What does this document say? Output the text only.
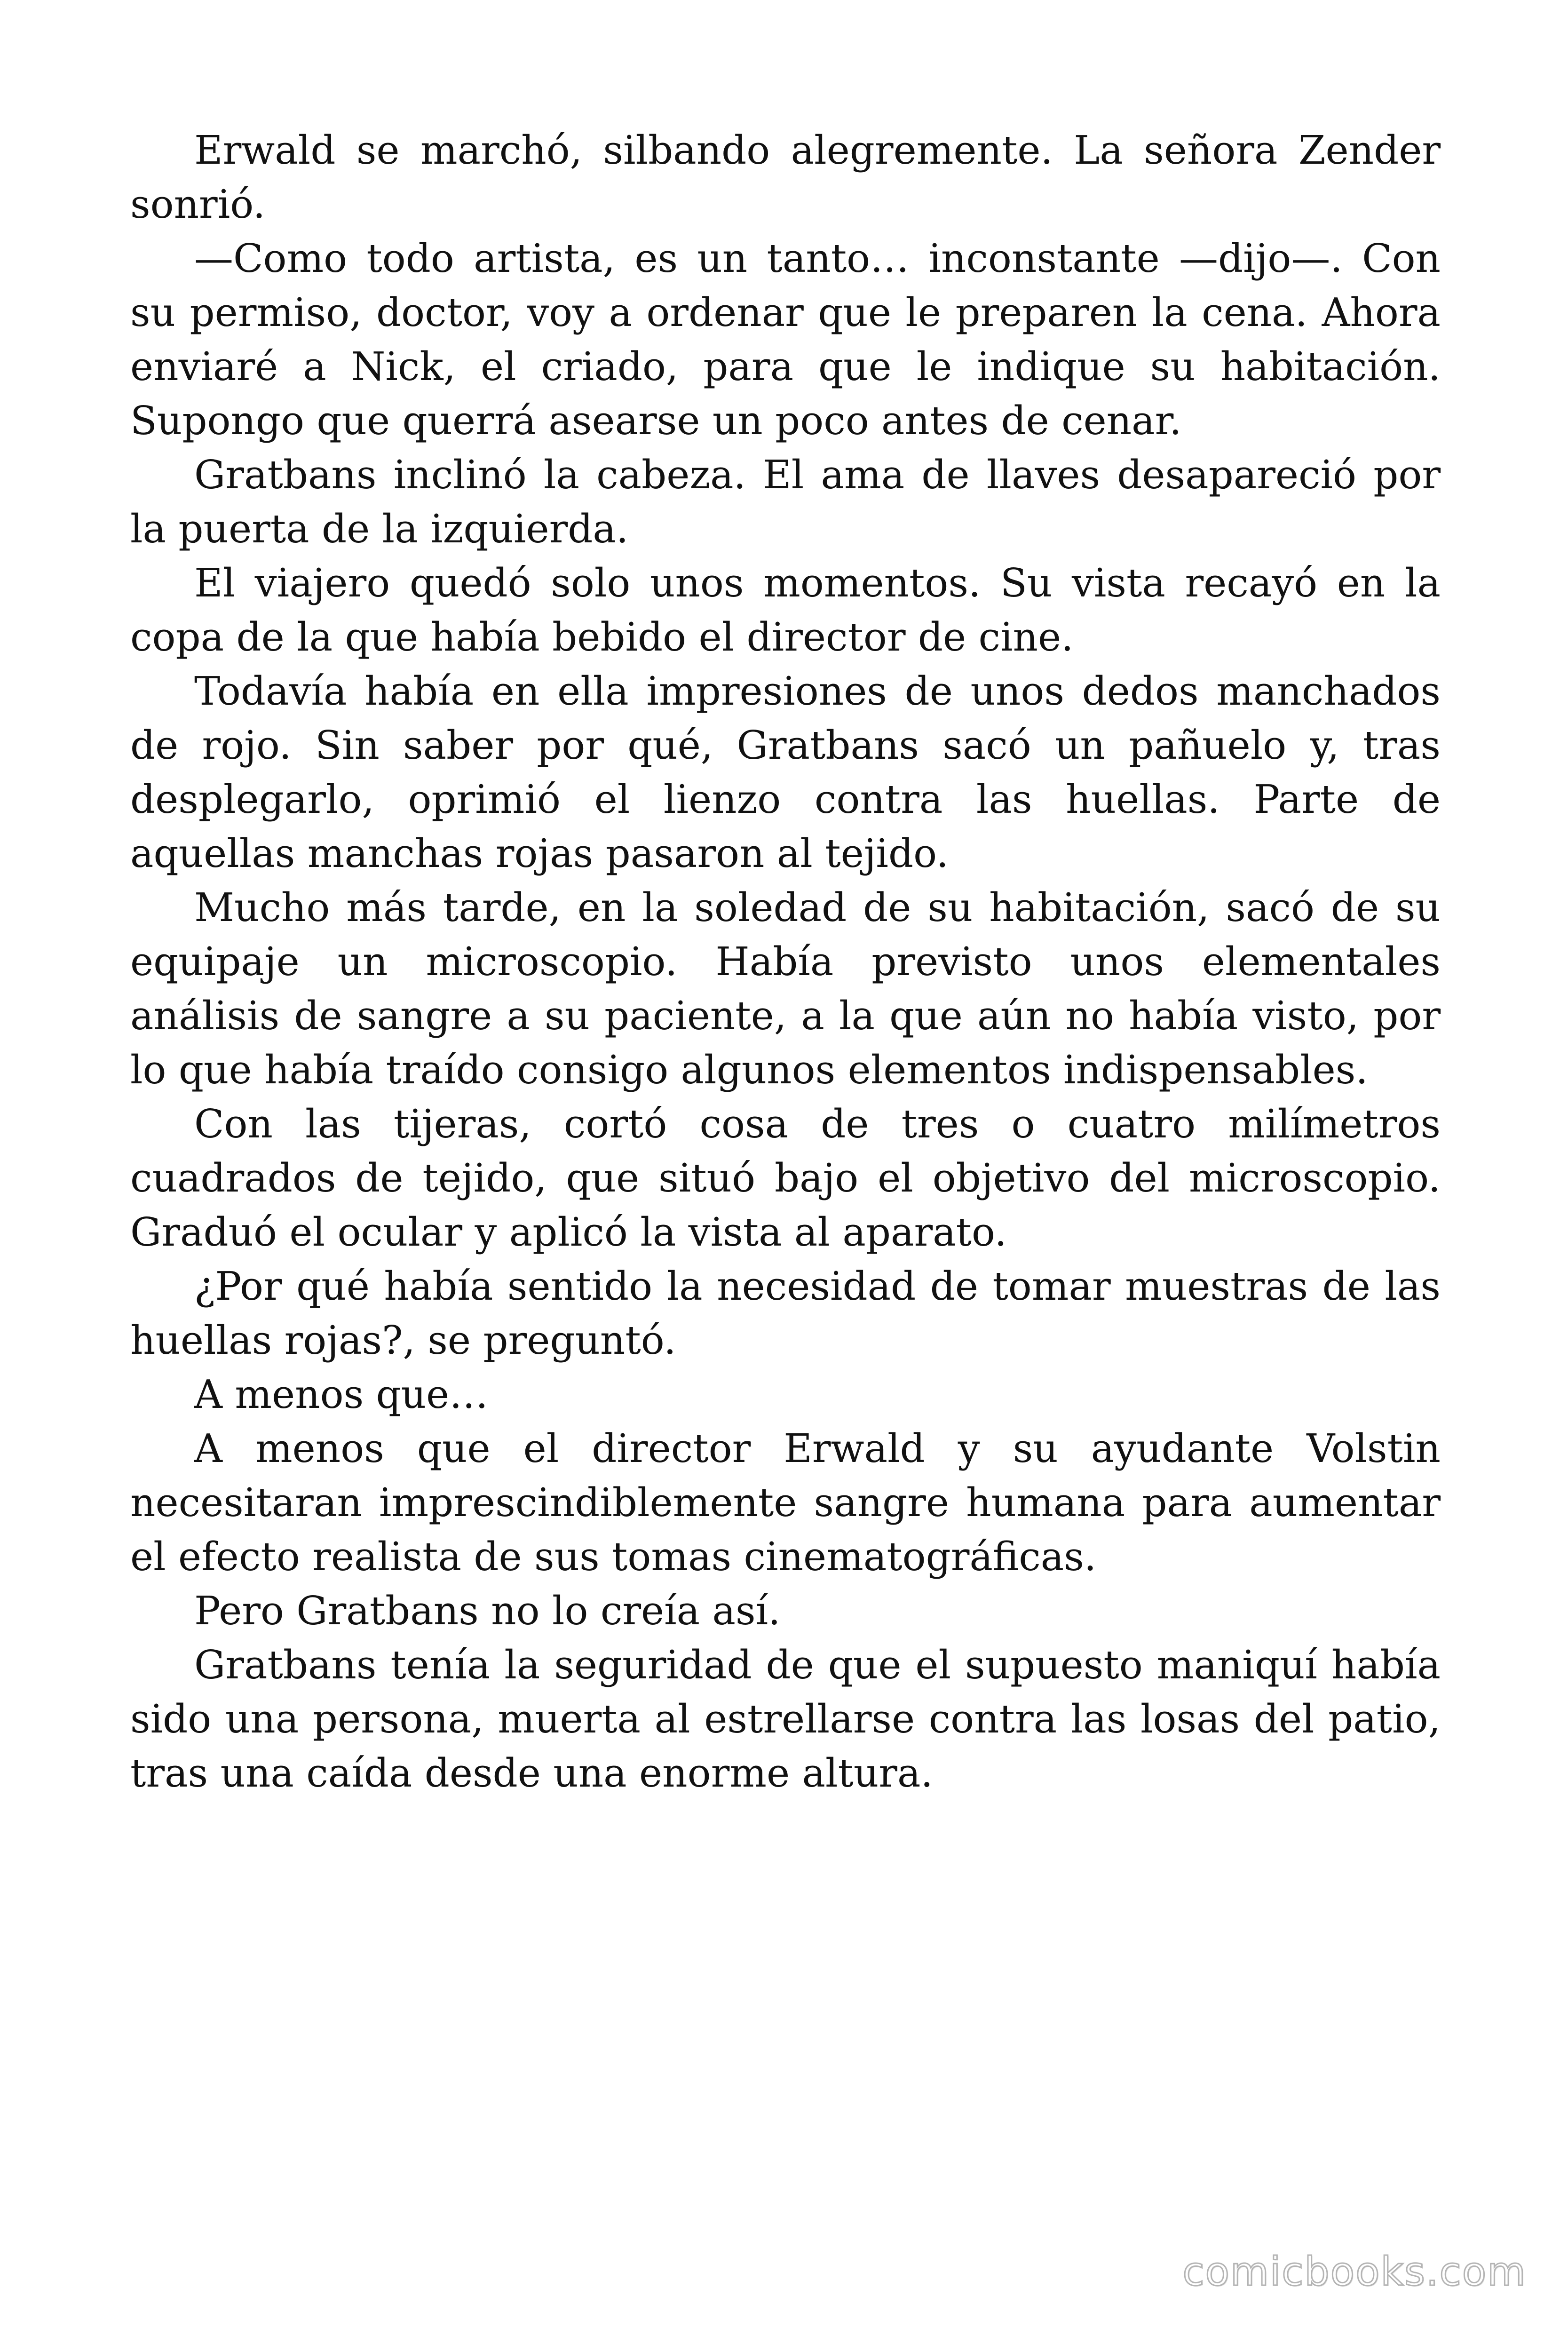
Erwald se marchó, silbando alegremente. La señora Zender sonrió.

—Como todo artista, es un tanto… inconstante —dijo—. Con su permiso, doctor, voy a ordenar que le preparen la cena. Ahora enviaré a Nick, el criado, para que le indique su habitación. Supongo que querrá asearse un poco antes de cenar.

Gratbans inclinó la cabeza. El ama de llaves desapareció por la puerta de la izquierda.

El viajero quedó solo unos momentos. Su vista recayó en la copa de la que había bebido el director de cine.

Todavía había en ella impresiones de unos dedos manchados de rojo. Sin saber por qué, Gratbans sacó un pañuelo y, tras desplegarlo, oprimió el lienzo contra las huellas. Parte de aquellas manchas rojas pasaron al tejido.

Mucho más tarde, en la soledad de su habitación, sacó de su equipaje un microscopio. Había previsto unos elementales análisis de sangre a su paciente, a la que aún no había visto, por lo que había traído consigo algunos elementos indispensables.

Con las tijeras, cortó cosa de tres o cuatro milímetros cuadrados de tejido, que situó bajo el objetivo del microscopio. Graduó el ocular y aplicó la vista al aparato.

¿Por qué había sentido la necesidad de tomar muestras de las huellas rojas?, se preguntó.

A menos que…

A menos que el director Erwald y su ayudante Volstin necesitaran imprescindiblemente sangre humana para aumentar el efecto realista de sus tomas cinematográficas.

Pero Gratbans no lo creía así.

Gratbans tenía la seguridad de que el supuesto maniquí había sido una persona, muerta al estrellarse contra las losas del patio, tras una caída desde una enorme altura.

comicbooks.com
